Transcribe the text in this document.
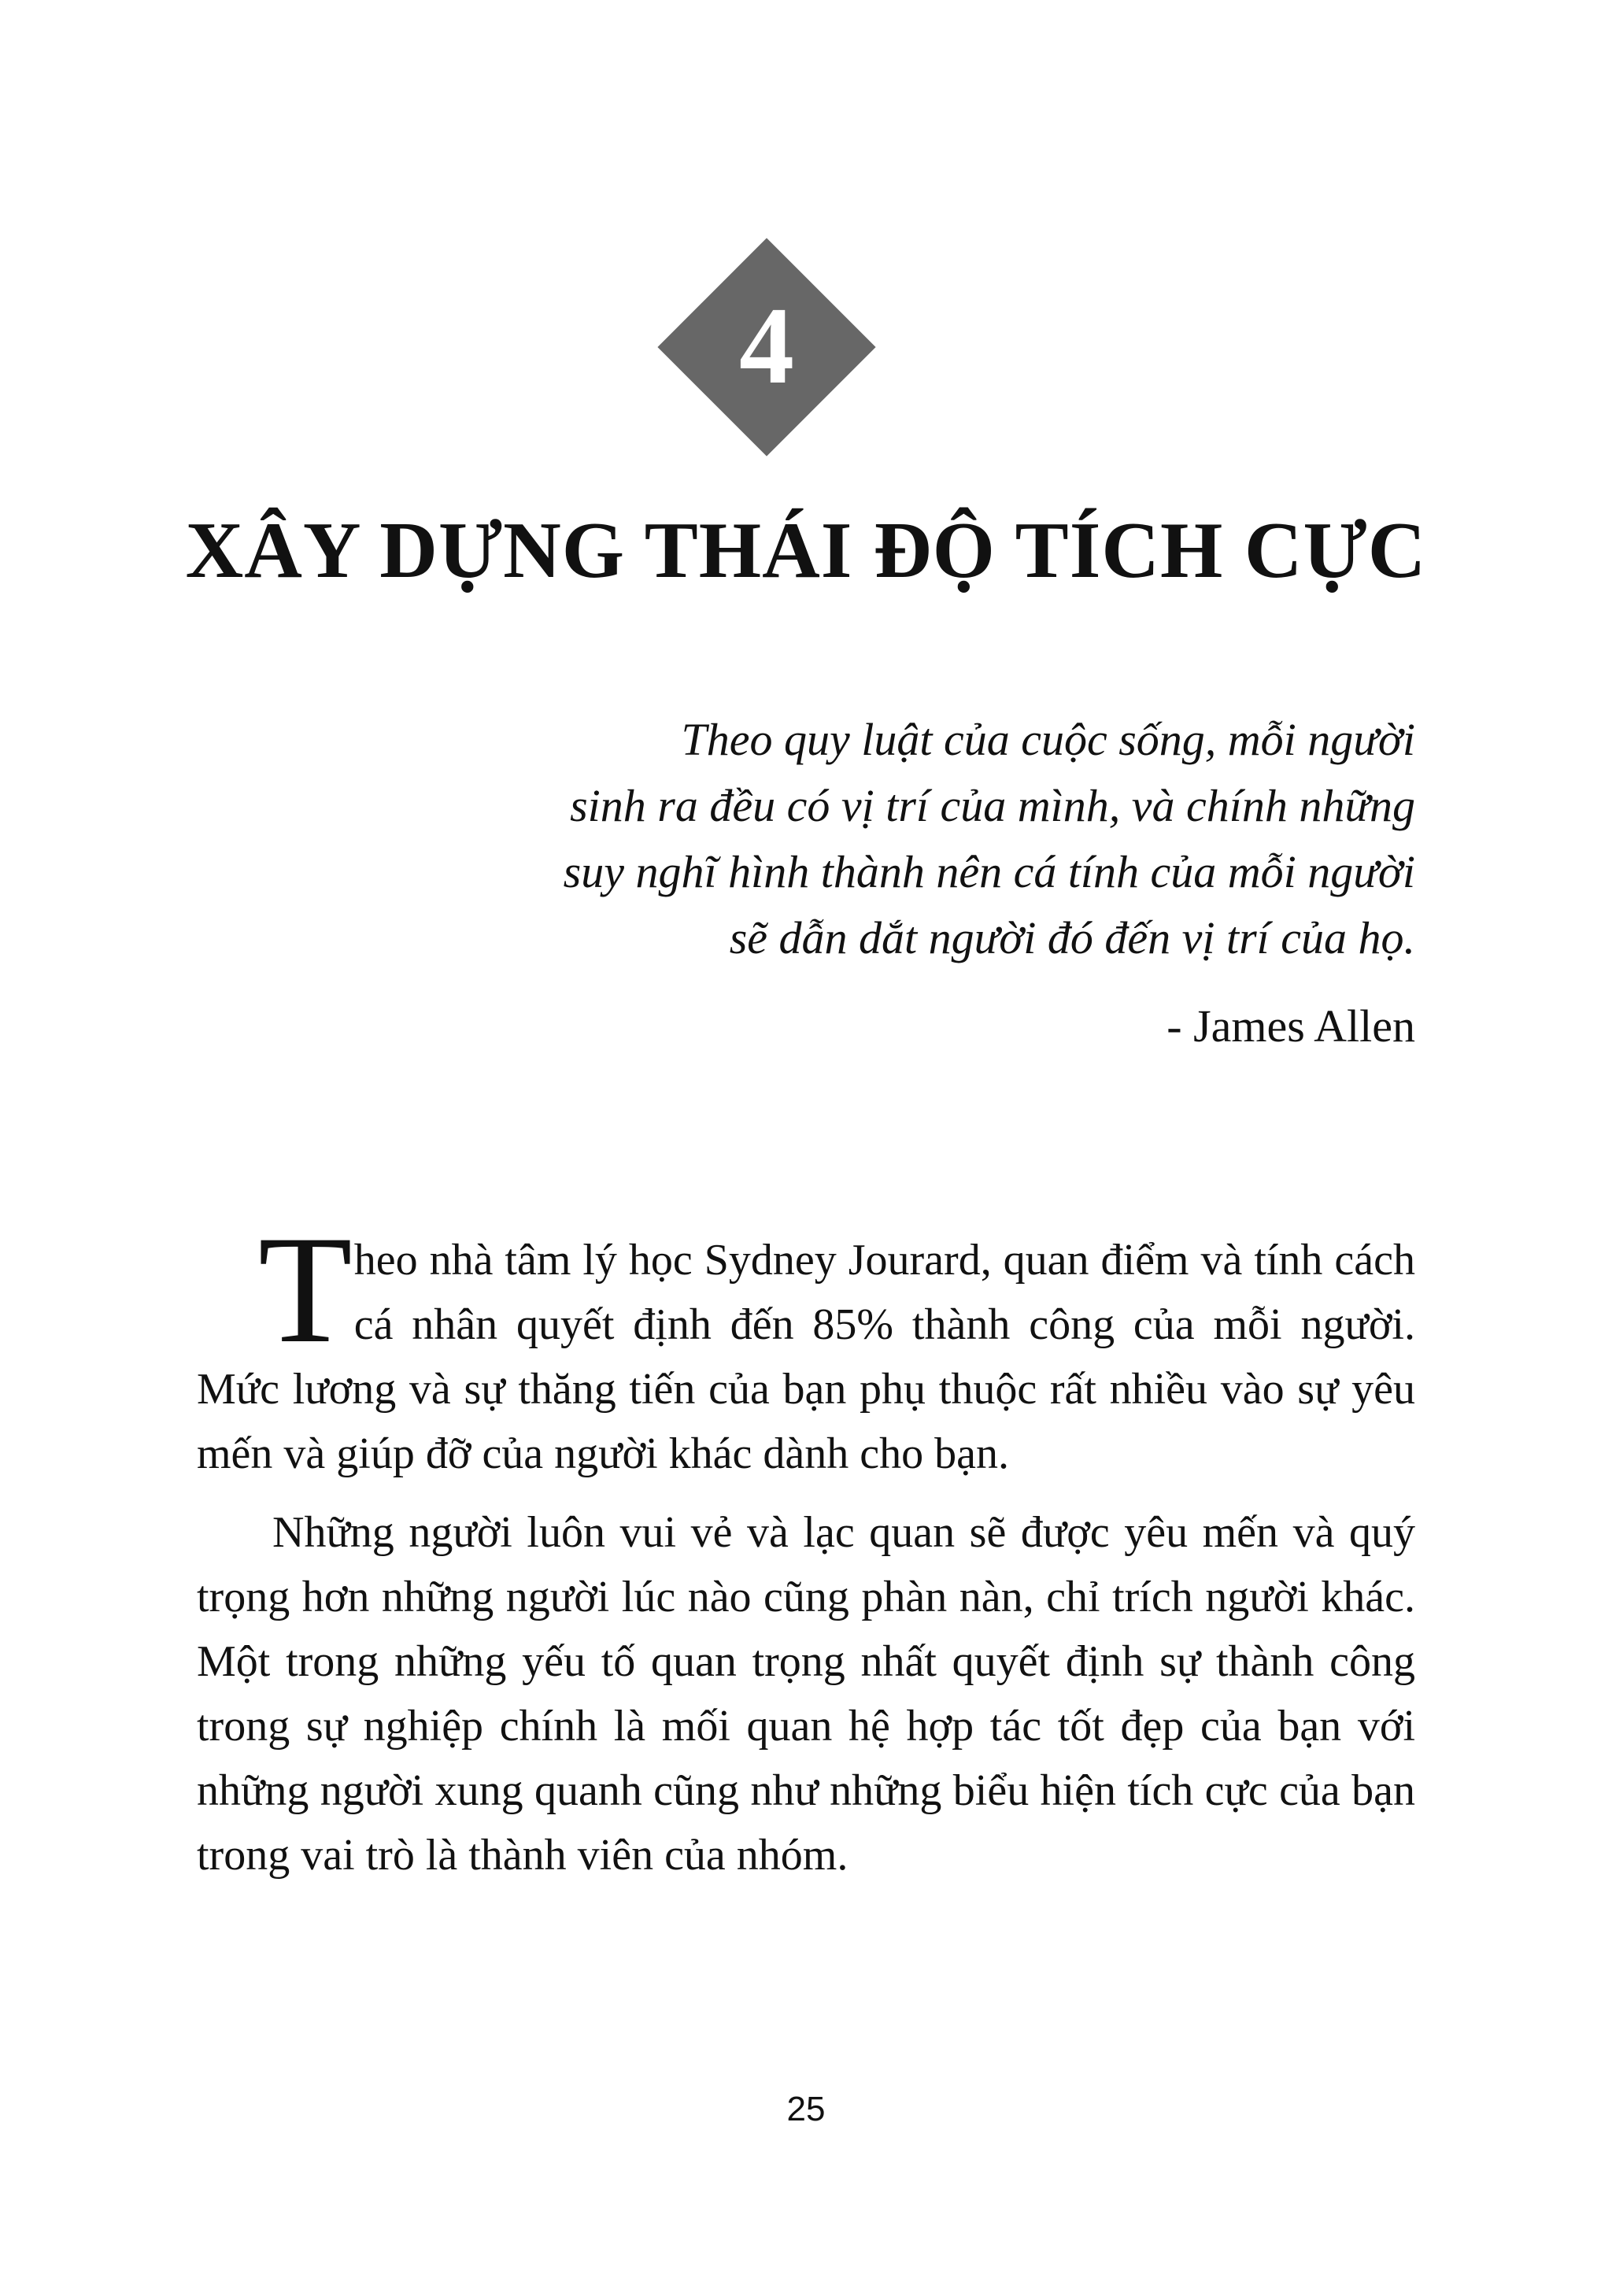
4
XÂY DỰNG THÁI ĐỘ TÍCH CỰC
Theo quy luật của cuộc sống, mỗi người
sinh ra đều có vị trí của mình, và chính những
suy nghĩ hình thành nên cá tính của mỗi người
sẽ dẫn dắt người đó đến vị trí của họ.
- James Allen

Theo nhà tâm lý học Sydney Jourard, quan điểm và tính cách cá nhân quyết định đến 85% thành công của mỗi người. Mức lương và sự thăng tiến của bạn phụ thuộc rất nhiều vào sự yêu mến và giúp đỡ của người khác dành cho bạn.

Những người luôn vui vẻ và lạc quan sẽ được yêu mến và quý trọng hơn những người lúc nào cũng phàn nàn, chỉ trích người khác. Một trong những yếu tố quan trọng nhất quyết định sự thành công trong sự nghiệp chính là mối quan hệ hợp tác tốt đẹp của bạn với những người xung quanh cũng như những biểu hiện tích cực của bạn trong vai trò là thành viên của nhóm.

25
